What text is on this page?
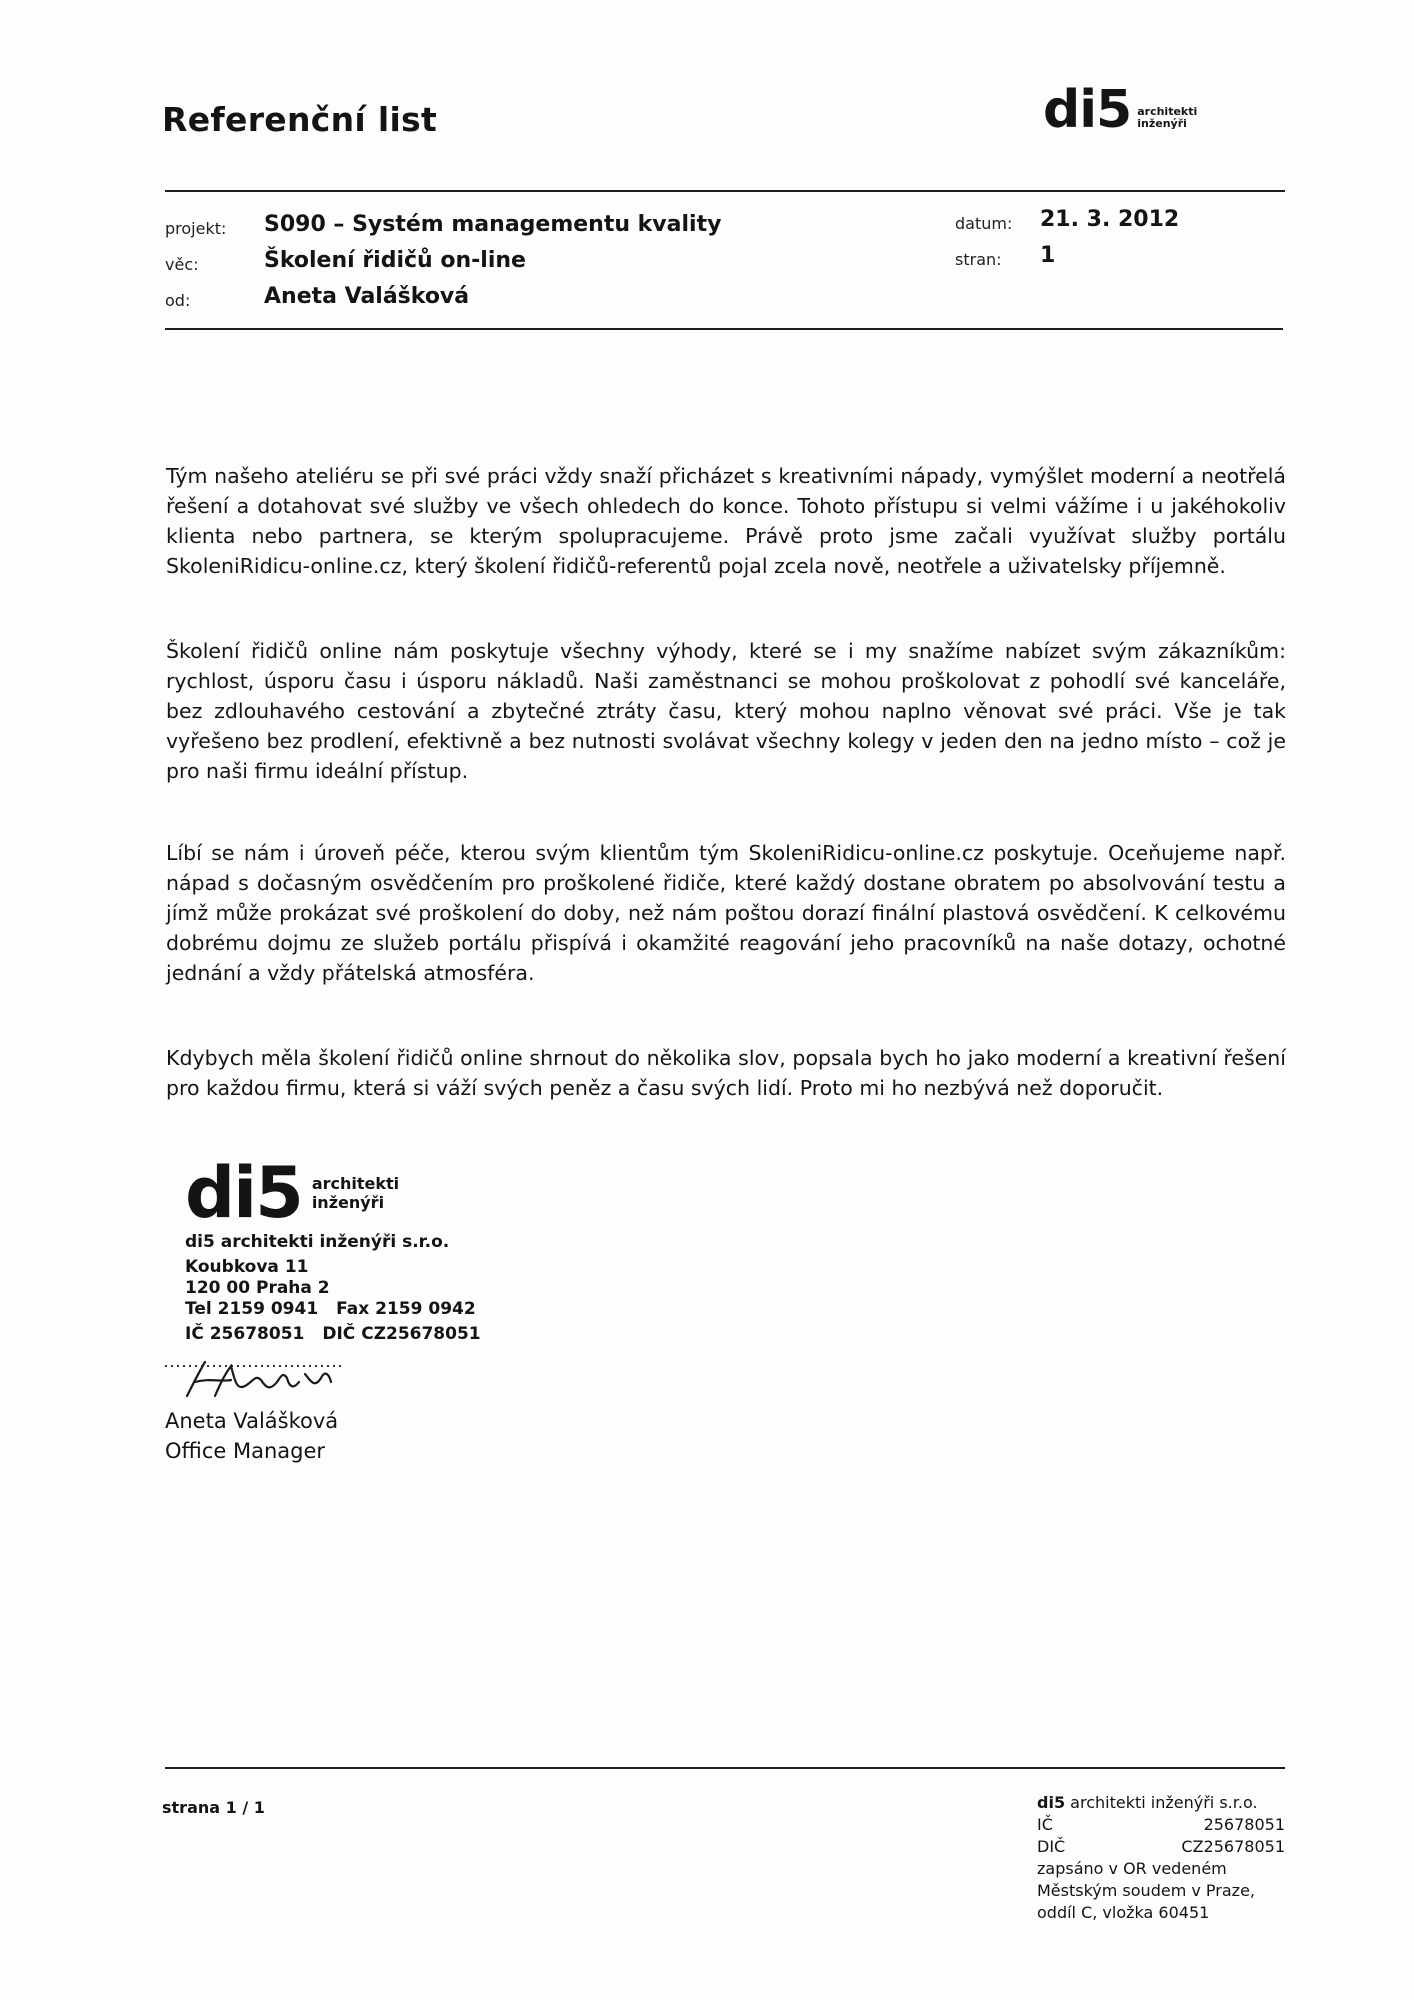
Referenční list	di5 architekti
inženýři
projekt: S090 – Systém managementu kvality
věc:	Školení řidičů on-line
od:	Aneta Valášková
datum: 21. 3. 2012
stran: 1
Tým našeho ateliéru se při své práci vždy snaží přicházet s kreativními nápady, vymýšlet moderní a neotřelá řešení a dotahovat své služby ve všech ohledech do konce. Tohoto přístupu si velmi vážíme i u jakéhokoliv klienta nebo partnera, se kterým spolupracujeme. Právě proto jsme začali využívat služby portálu SkoleniRidicu-online.cz, který školení řidičů-referentů pojal zcela nově, neotřele a uživatelsky příjemně.
Školení řidičů online nám poskytuje všechny výhody, které se i my snažíme nabízet svým zákazníkům: rychlost, úsporu času i úsporu nákladů. Naši zaměstnanci se mohou proškolovat z pohodlí své kanceláře, bez zdlouhavého cestování a zbytečné ztráty času, který mohou naplno věnovat své práci. Vše je tak vyřešeno bez prodlení, efektivně a bez nutnosti svolávat všechny kolegy v jeden den na jedno místo – což je pro naši firmu ideální přístup.
Líbí se nám i úroveň péče, kterou svým klientům tým SkoleniRidicu-online.cz poskytuje. Oceňujeme např. nápad s dočasným osvědčením pro proškolené řidiče, které každý dostane obratem po absolvování testu a jímž může prokázat své proškolení do doby, než nám poštou dorazí finální plastová osvědčení. K celkovému dobrému dojmu ze služeb portálu přispívá i okamžité reagování jeho pracovníků na naše dotazy, ochotné jednání a vždy přátelská atmosféra.
Kdybych měla školení řidičů online shrnout do několika slov, popsala bych ho jako moderní a kreativní řešení pro každou firmu, která si váží svých peněz a času svých lidí. Proto mi ho nezbývá než doporučit.
di5 architekti
inženýři
di5 architekti inženýři s.r.o.
Koubkova 11
120 00 Praha 2
Tel 2159 0941 Fax 2159 0942
IČ 25678051 DIČ CZ25678051
Aneta Valášková
Office Manager
strana 1 / 1	di5 architekti inženýři s.r.o.
IČ	25678051
DIČ	CZ25678051
zapsáno v OR vedeném
Městským soudem v Praze,
oddíl C, vložka 60451
